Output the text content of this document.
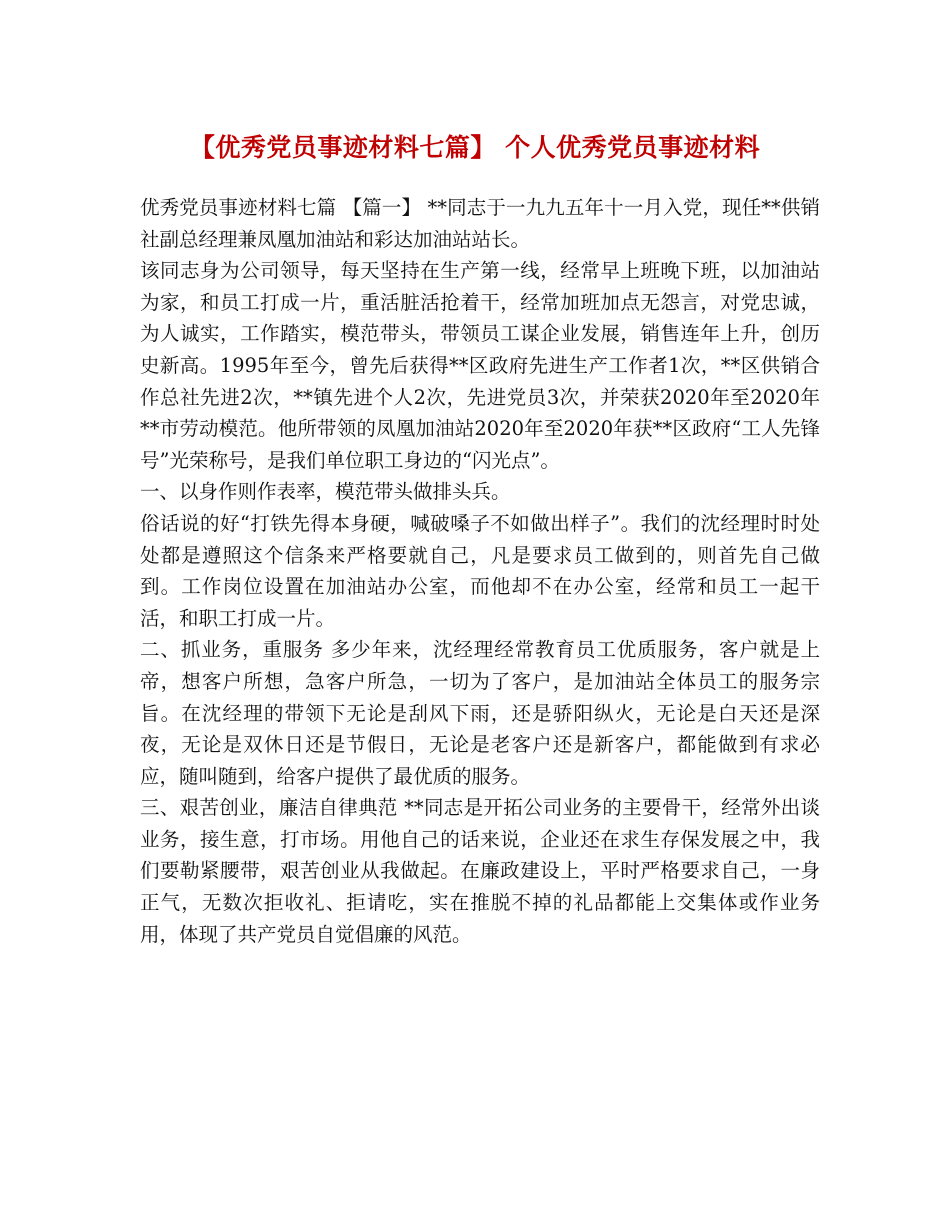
【优秀党员事迹材料七篇】 个人优秀党员事迹材料

优秀党员事迹材料七篇 【篇一】 **同志于一九九五年十一月入党，现任**供销社副总经理兼凤凰加油站和彩达加油站站长。

该同志身为公司领导，每天坚持在生产第一线，经常早上班晚下班，以加油站为家，和员工打成一片，重活脏活抢着干，经常加班加点无怨言，对党忠诚，为人诚实，工作踏实，模范带头，带领员工谋企业发展，销售连年上升，创历史新高。1995年至今，曾先后获得**区政府先进生产工作者1次，**区供销合作总社先进2次，**镇先进个人2次，先进党员3次，并荣获2020年至2020年**市劳动模范。他所带领的凤凰加油站2020年至2020年获**区政府“工人先锋号”光荣称号，是我们单位职工身边的“闪光点”。

一、以身作则作表率，模范带头做排头兵。

俗话说的好“打铁先得本身硬，喊破嗓子不如做出样子”。我们的沈经理时时处处都是遵照这个信条来严格要就自己，凡是要求员工做到的，则首先自己做到。工作岗位设置在加油站办公室，而他却不在办公室，经常和员工一起干活，和职工打成一片。

二、抓业务，重服务 多少年来，沈经理经常教育员工优质服务，客户就是上帝，想客户所想，急客户所急，一切为了客户，是加油站全体员工的服务宗旨。在沈经理的带领下无论是刮风下雨，还是骄阳纵火，无论是白天还是深夜，无论是双休日还是节假日，无论是老客户还是新客户，都能做到有求必应，随叫随到，给客户提供了最优质的服务。

三、艰苦创业，廉洁自律典范 **同志是开拓公司业务的主要骨干，经常外出谈业务，接生意，打市场。用他自己的话来说，企业还在求生存保发展之中，我们要勒紧腰带，艰苦创业从我做起。在廉政建设上，平时严格要求自己，一身正气，无数次拒收礼、拒请吃，实在推脱不掉的礼品都能上交集体或作业务用，体现了共产党员自觉倡廉的风范。
